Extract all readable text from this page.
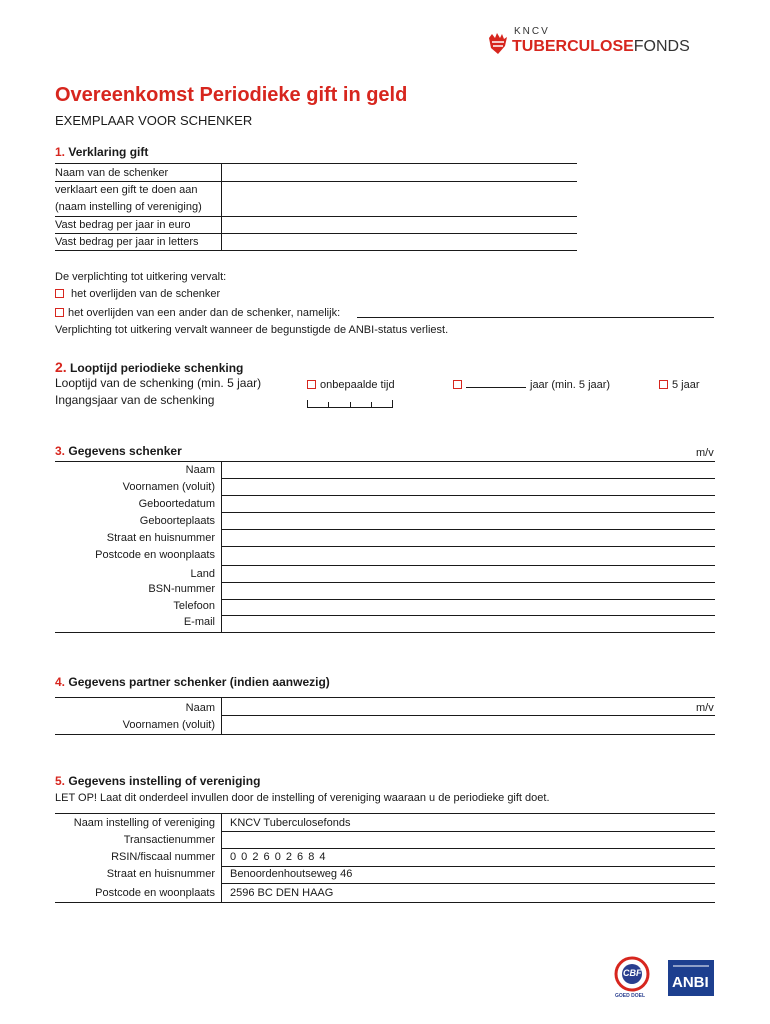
KNCV
TUBERCULOSEFONDS
Overeenkomst Periodieke gift in geld
EXEMPLAAR VOOR SCHENKER
1. Verklaring gift
Naam van de schenker
verklaart een gift te doen aan
(naam instelling of vereniging)
Vast bedrag per jaar in euro
Vast bedrag per jaar in letters
De verplichting tot uitkering vervalt:
het overlijden van de schenker
het overlijden van een ander dan de schenker, namelijk:
Verplichting tot uitkering vervalt wanneer de begunstigde de ANBI-status verliest.
2. Looptijd periodieke schenking
Looptijd van de schenking (min. 5 jaar)
Ingangsjaar van de schenking
onbepaalde tijd	jaar (min. 5 jaar)	5 jaar
3. Gegevens schenker	m/v
Naam
Voornamen (voluit)
Geboortedatum
Geboorteplaats
Straat en huisnummer
Postcode en woonplaats
Land
BSN-nummer
Telefoon
E-mail
4. Gegevens partner schenker (indien aanwezig)
m/v
Naam
Voornamen (voluit)
5. Gegevens instelling of vereniging
LET OP! Laat dit onderdeel invullen door de instelling of vereniging waaraan u de periodieke gift doet.
Naam instelling of vereniging KNCV Tuberculosefonds
Transactienummer
RSIN/fiscaal nummer 0 0 2 6 0 2 6 8 4
Straat en huisnummer Benoordenhoutseweg 46
Postcode en woonplaats 2596 BC DEN HAAG
CBF
GOED DOEL
ANBI
